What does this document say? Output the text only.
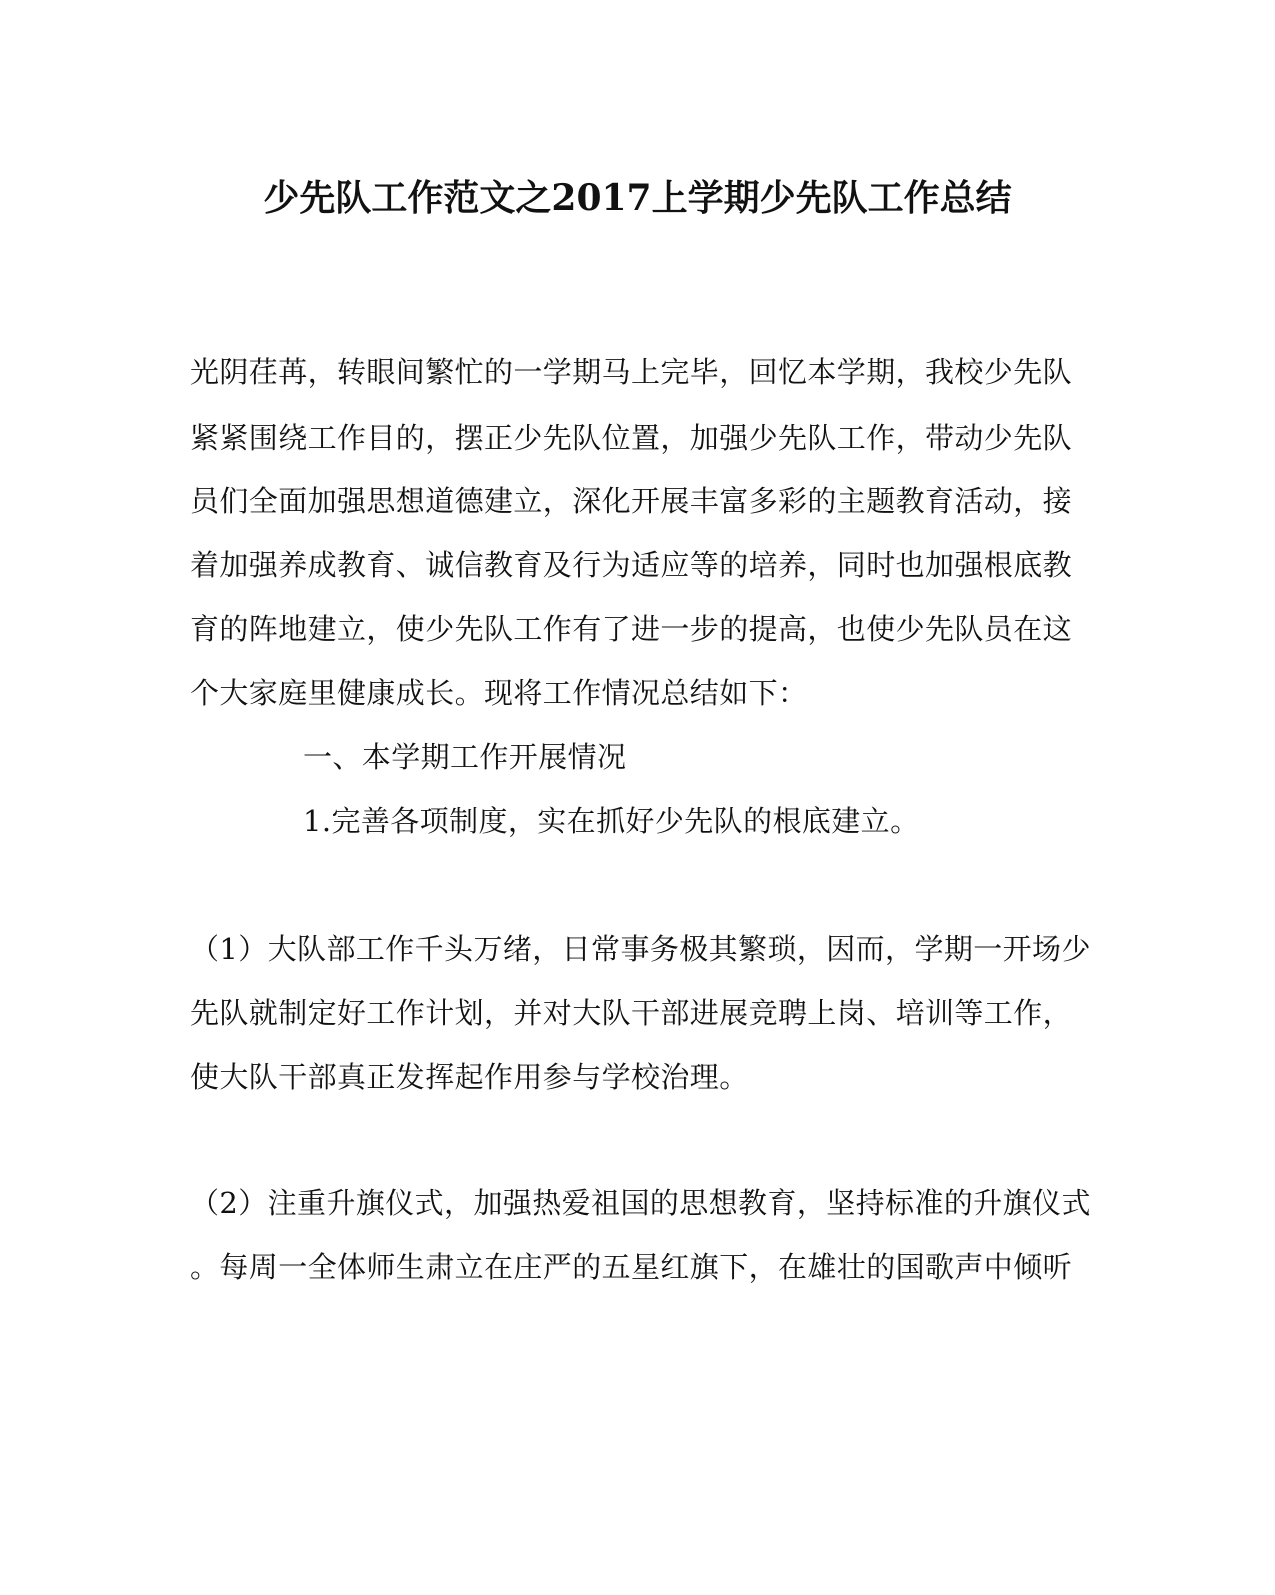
少先队工作范文之2017上学期少先队工作总结
光阴荏苒，转眼间繁忙的一学期马上完毕，回忆本学期，我校少先队
紧紧围绕工作目的，摆正少先队位置，加强少先队工作，带动少先队
员们全面加强思想道德建立，深化开展丰富多彩的主题教育活动，接
着加强养成教育、诚信教育及行为适应等的培养，同时也加强根底教
育的阵地建立，使少先队工作有了进一步的提高，也使少先队员在这
个大家庭里健康成长。现将工作情况总结如下：
一、本学期工作开展情况
1.完善各项制度，实在抓好少先队的根底建立。
（1）大队部工作千头万绪，日常事务极其繁琐，因而，学期一开场少
先队就制定好工作计划，并对大队干部进展竞聘上岗、培训等工作，
使大队干部真正发挥起作用参与学校治理。
（2）注重升旗仪式，加强热爱祖国的思想教育，坚持标准的升旗仪式
。每周一全体师生肃立在庄严的五星红旗下，在雄壮的国歌声中倾听
